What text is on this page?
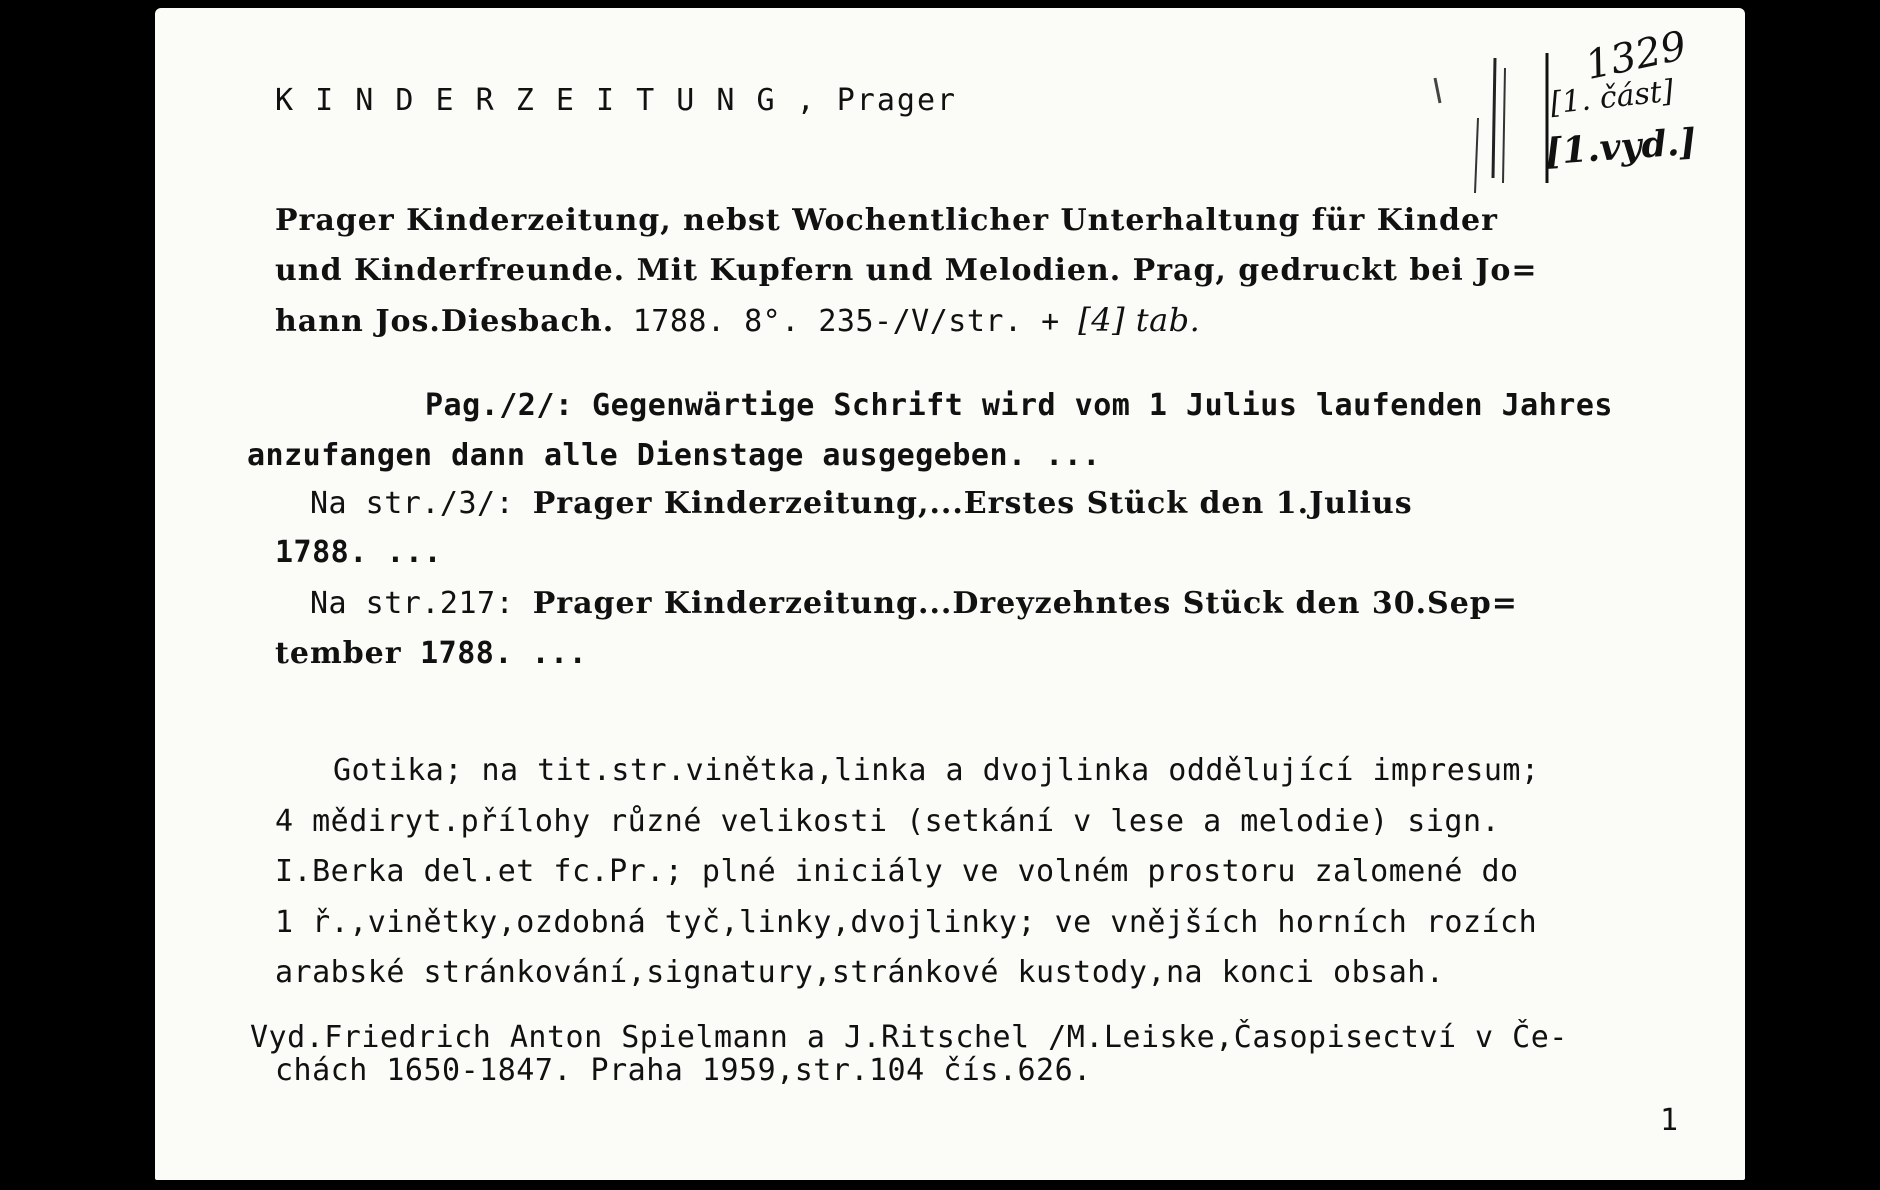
K I N D E R Z E I T U N G , Prager
1329
[1. část]
[1.vyd.]
Prager Kinderzeitung, nebst Wochentlicher Unterhaltung für Kinder
und Kinderfreunde. Mit Kupfern und Melodien. Prag, gedruckt bei Jo=
hann Jos.Diesbach. 1788. 8°. 235-/V/str. + [4] tab.
Pag./2/: Gegenwärtige Schrift wird vom 1 Julius laufenden Jahres
anzufangen dann alle Dienstage ausgegeben. ...
Na str./3/: Prager Kinderzeitung,...Erstes Stück den 1.Julius
1788. ...
Na str.217: Prager Kinderzeitung...Dreyzehntes Stück den 30.Sep=
tember 1788. ...
Gotika; na tit.str.vinětka,linka a dvojlinka oddělující impresum;
4 mědiryt.přílohy různé velikosti (setkání v lese a melodie) sign.
I.Berka del.et fc.Pr.; plné iniciály ve volném prostoru zalomené do
1 ř.,vinětky,ozdobná tyč,linky,dvojlinky; ve vnějších horních rozích
arabské stránkování,signatury,stránkové kustody,na konci obsah.
Vyd.Friedrich Anton Spielmann a J.Ritschel /M.Leiske,Časopisectví v Če-
chách 1650-1847. Praha 1959,str.104 čís.626.
1
